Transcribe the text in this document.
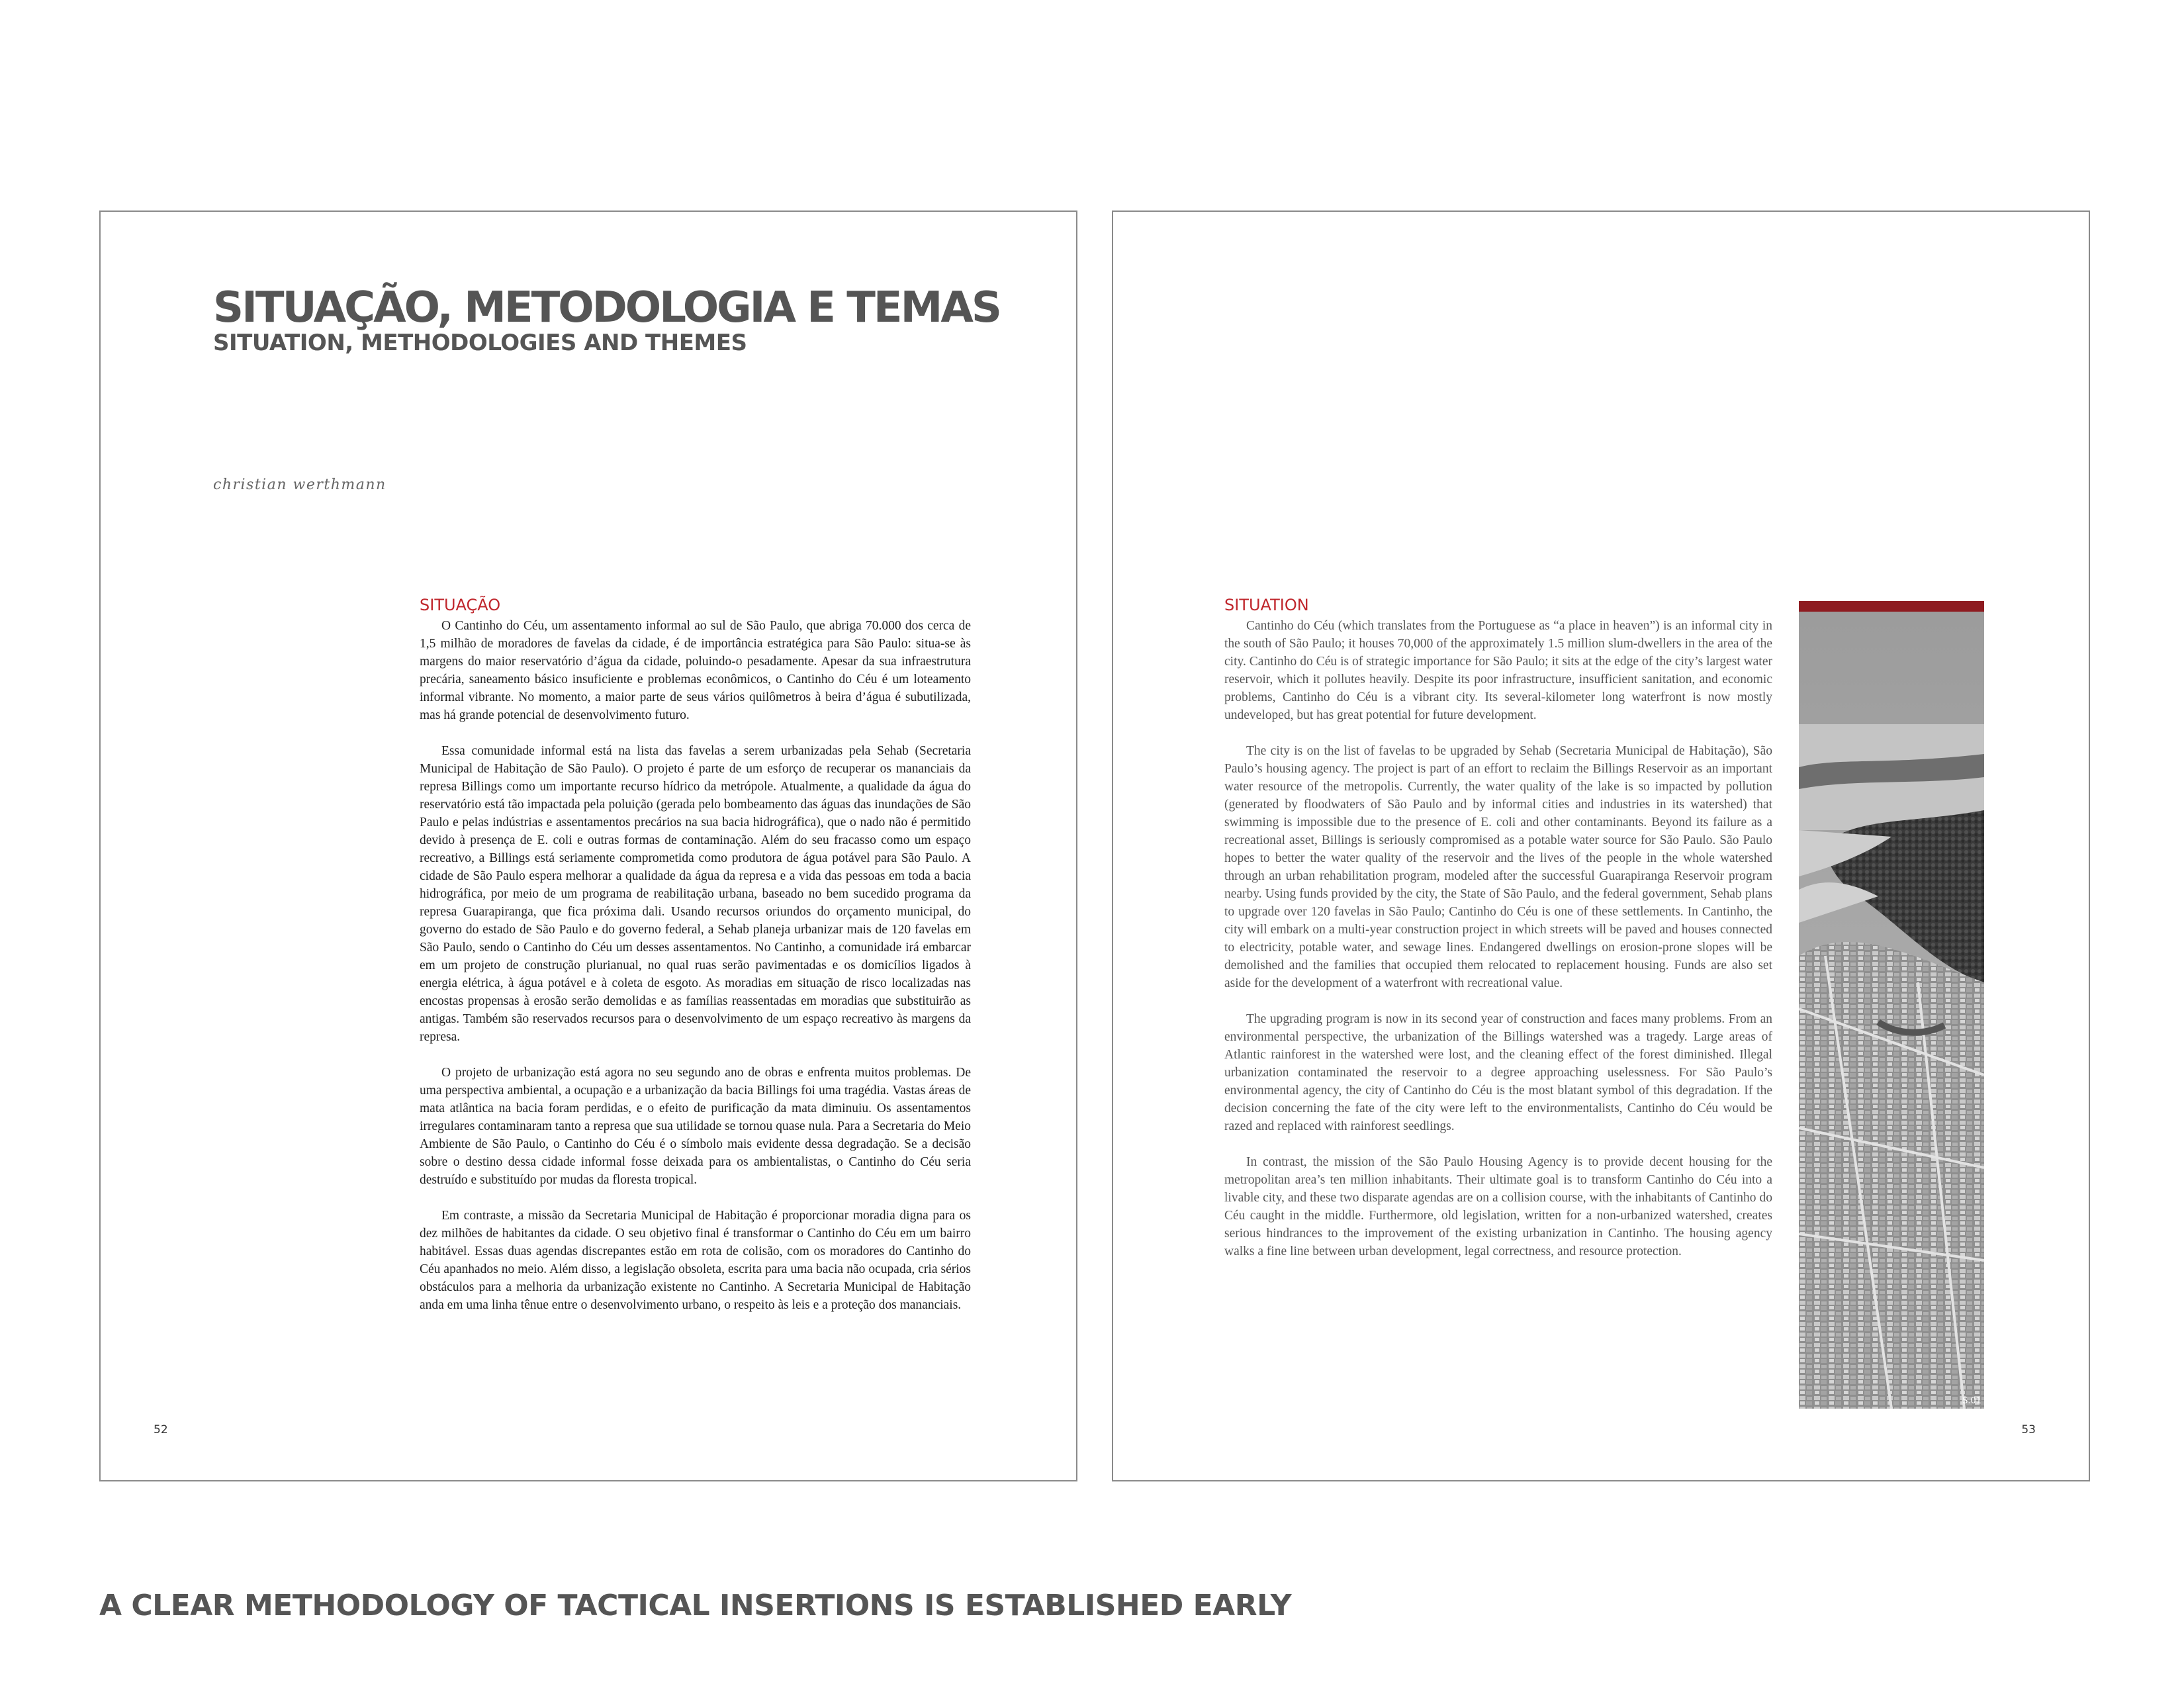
SITUAÇÃO, METODOLOGIA E TEMAS
SITUATION, METHODOLOGIES AND THEMES
christian werthmann
SITUAÇÃO

O Cantinho do Céu, um assentamento informal ao sul de São Paulo, que abriga 70.000 dos cerca de 1,5 milhão de moradores de favelas da cidade, é de importância estratégica para São Paulo: situa-se às margens do maior reservatório d’água da cidade, poluindo-o pesadamente. Apesar da sua infraestrutura precária, saneamento básico insuficiente e problemas econômicos, o Cantinho do Céu é um loteamento informal vibrante. No momento, a maior parte de seus vários quilômetros à beira d’água é subutilizada, mas há grande potencial de desenvolvimento futuro.

Essa comunidade informal está na lista das favelas a serem urbanizadas pela Sehab (Secretaria Municipal de Habitação de São Paulo). O projeto é parte de um esforço de recuperar os mananciais da represa Billings como um importante recurso hídrico da metrópole. Atualmente, a qualidade da água do reservatório está tão impactada pela poluição (gerada pelo bombeamento das águas das inundações de São Paulo e pelas indústrias e assentamentos precários na sua bacia hidrográfica), que o nado não é permitido devido à presença de E. coli e outras formas de contaminação. Além do seu fracasso como um espaço recreativo, a Billings está seriamente comprometida como produtora de água potável para São Paulo. A cidade de São Paulo espera melhorar a qualidade da água da represa e a vida das pessoas em toda a bacia hidrográfica, por meio de um programa de reabilitação urbana, baseado no bem sucedido programa da represa Guarapiranga, que fica próxima dali. Usando recursos oriundos do orçamento municipal, do governo do estado de São Paulo e do governo federal, a Sehab planeja urbanizar mais de 120 favelas em São Paulo, sendo o Cantinho do Céu um desses assentamentos. No Cantinho, a comunidade irá embarcar em um projeto de construção plurianual, no qual ruas serão pavimentadas e os domicílios ligados à energia elétrica, à água potável e à coleta de esgoto. As moradias em situação de risco localizadas nas encostas propensas à erosão serão demolidas e as famílias reassentadas em moradias que substituirão as antigas. Também são reservados recursos para o desenvolvimento de um espaço recreativo às margens da represa.

O projeto de urbanização está agora no seu segundo ano de obras e enfrenta muitos problemas. De uma perspectiva ambiental, a ocupação e a urbanização da bacia Billings foi uma tragédia. Vastas áreas de mata atlântica na bacia foram perdidas, e o efeito de purificação da mata diminuiu. Os assentamentos irregulares contaminaram tanto a represa que sua utilidade se tornou quase nula. Para a Secretaria do Meio Ambiente de São Paulo, o Cantinho do Céu é o símbolo mais evidente dessa degradação. Se a decisão sobre o destino dessa cidade informal fosse deixada para os ambientalistas, o Cantinho do Céu seria destruído e substituído por mudas da floresta tropical.

Em contraste, a missão da Secretaria Municipal de Habitação é proporcionar moradia digna para os dez milhões de habitantes da cidade. O seu objetivo final é transformar o Cantinho do Céu em um bairro habitável. Essas duas agendas discrepantes estão em rota de colisão, com os moradores do Cantinho do Céu apanhados no meio. Além disso, a legislação obsoleta, escrita para uma bacia não ocupada, cria sérios obstáculos para a melhoria da urbanização existente no Cantinho. A Secretaria Municipal de Habitação anda em uma linha tênue entre o desenvolvimento urbano, o respeito às leis e a proteção dos mananciais.

52
SITUATION

Cantinho do Céu (which translates from the Portuguese as “a place in heaven”) is an informal city in the south of São Paulo; it houses 70,000 of the approximately 1.5 million slum-dwellers in the area of the city. Cantinho do Céu is of strategic importance for São Paulo; it sits at the edge of the city’s largest water reservoir, which it pollutes heavily. Despite its poor infrastructure, insufficient sanitation, and economic problems, Cantinho do Céu is a vibrant city. Its several-kilometer long waterfront is now mostly undeveloped, but has great potential for future development.

The city is on the list of favelas to be upgraded by Sehab (Secretaria Municipal de Habitação), São Paulo’s housing agency. The project is part of an effort to reclaim the Billings Reservoir as an important water resource of the metropolis. Currently, the water quality of the lake is so impacted by pollution (generated by floodwaters of São Paulo and by informal cities and industries in its watershed) that swimming is impossible due to the presence of E. coli and other contaminants. Beyond its failure as a recreational asset, Billings is seriously compromised as a potable water source for São Paulo. São Paulo hopes to better the water quality of the reservoir and the lives of the people in the whole watershed through an urban rehabilitation program, modeled after the successful Guarapiranga Reservoir program nearby. Using funds provided by the city, the State of São Paulo, and the federal government, Sehab plans to upgrade over 120 favelas in São Paulo; Cantinho do Céu is one of these settlements. In Cantinho, the city will embark on a multi-year construction project in which streets will be paved and houses connected to electricity, potable water, and sewage lines. Endangered dwellings on erosion-prone slopes will be demolished and the families that occupied them relocated to replacement housing. Funds are also set aside for the development of a waterfront with recreational value.

The upgrading program is now in its second year of construction and faces many problems. From an environmental perspective, the urbanization of the Billings watershed was a tragedy. Large areas of Atlantic rainforest in the watershed were lost, and the cleaning effect of the forest diminished. Illegal urbanization contaminated the reservoir to a degree approaching uselessness. For São Paulo’s environmental agency, the city of Cantinho do Céu is the most blatant symbol of this degradation. If the decision concerning the fate of the city were left to the environmentalists, Cantinho do Céu would be razed and replaced with rainforest seedlings.

In contrast, the mission of the São Paulo Housing Agency is to provide decent housing for the metropolitan area’s ten million inhabitants. Their ultimate goal is to transform Cantinho do Céu into a livable city, and these two disparate agendas are on a collision course, with the inhabitants of Cantinho do Céu caught in the middle. Furthermore, old legislation, written for a non-urbanized watershed, creates serious hindrances to the improvement of the existing urbanization in Cantinho. The housing agency walks a fine line between urban development, legal correctness, and resource protection.

S.01
53
A CLEAR METHODOLOGY OF TACTICAL INSERTIONS IS ESTABLISHED EARLY
